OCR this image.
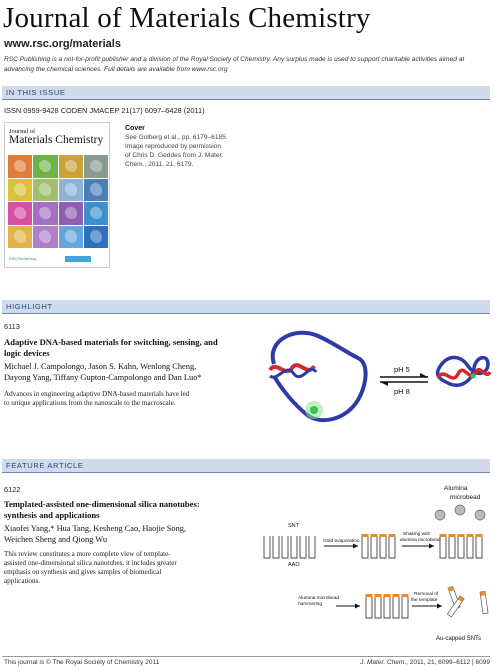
Journal of Materials Chemistry
www.rsc.org/materials
RSC Publishing is a not-for-profit publisher and a division of the Royal Society of Chemistry. Any surplus made is used to support charitable activities aimed at
advancing the chemical sciences. Full details are available from www.rsc.org
IN THIS ISSUE
ISSN 0959-9428 CODEN JMACEP 21(17) 6097–6428 (2011)
Journal of
Materials Chemistry
RSCPublishing
Cover
See Golberg et al., pp. 6179–6185.
Image reproduced by permission
of Chris D. Geddes from J. Mater.
Chem., 2011, 21, 6179.
HIGHLIGHT
6113
Adaptive DNA-based materials for switching, sensing, and
logic devices
Michael J. Campolongo, Jason S. Kahn, Wenlong Cheng,
Dayong Yang, Tiffany Gupton-Campolongo and Dan Luo*
Advances in engineering adaptive DNA-based materials have led
to unique applications from the nanoscale to the macroscale.
pH 5
pH 8
FEATURE ARTICLE
6122
Templated-assisted one-dimensional silica nanotubes:
synthesis and applications
Xiaofei Yang,* Hua Tang, Kesheng Cao, Haojie Song,
Weichen Sheng and Qiong Wu
This review constitutes a more complete view of template-
assisted one-dimensional silica nanotubes, it includes greater
emphasis on synthesis and gives samples of biomedical
applications.
Alumina
microbead
SNT
AAO
Gold evaporation
Shaking with
alumina microbead
Alumina microbead
hammering
Removal of
the template
Au-capped SNTs
This journal is © The Royal Society of Chemistry 2011	J. Mater. Chem., 2011, 21, 6099–6112 | 6099
